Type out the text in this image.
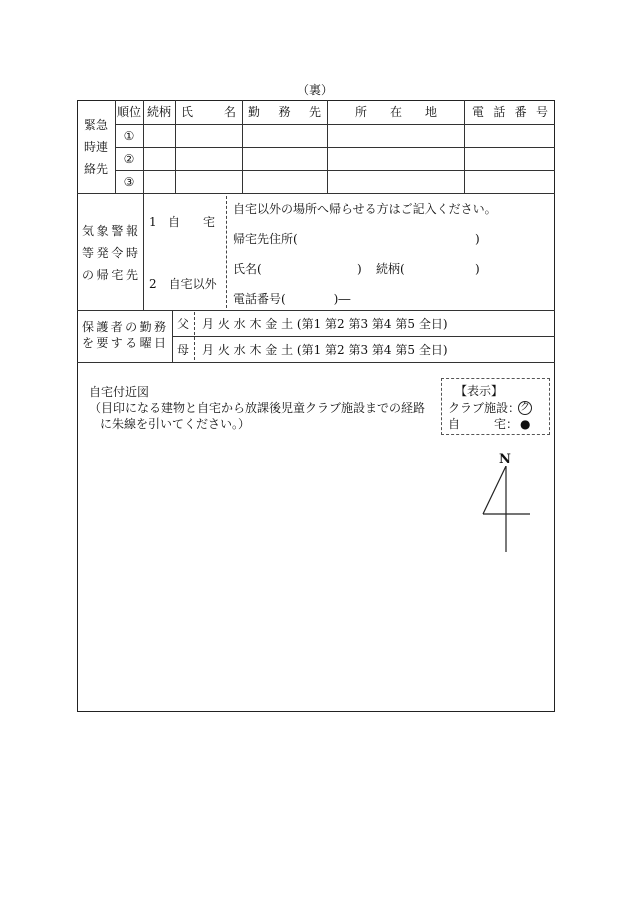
（裏）
緊急
時連
絡先
順位 続柄 氏	名 勤 務 先	所 在 地	電 話 番 号
①
②
③
気 象 警 報
等 発 令 時
の 帰 宅 先
1 自 宅
2　自宅以外
自宅以外の場所へ帰らせる方はご記入ください。
帰宅先住所(	)
氏名(	) 続柄(	)
電話番号(　　　　)―
保 護 者 の 勤 務
を 要 す る 曜 日
父	月 火 水 木 金 土 (第1 第2 第3 第4 第5 全日)
母	月 火 水 木 金 土 (第1 第2 第3 第4 第5 全日)
自宅付近図
（目印になる建物と自宅から放課後児童クラブ施設までの経路
に朱線を引いてください。）
【表示】
クラブ施設： ク
自	宅： ●
N
